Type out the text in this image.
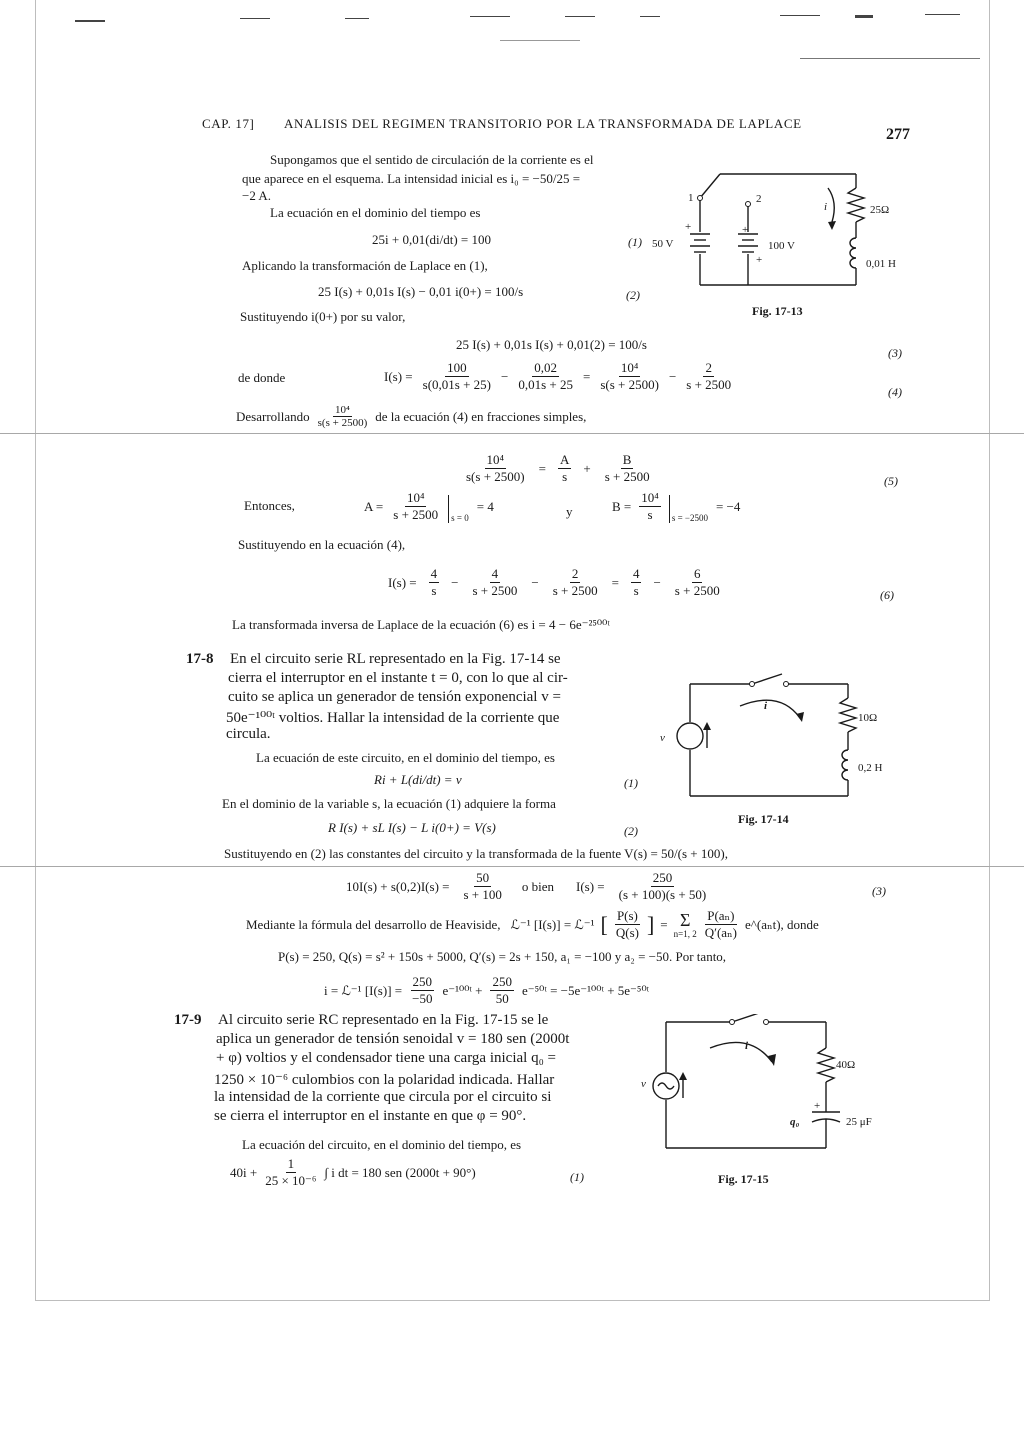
CAP. 17] ANALISIS DEL REGIMEN TRANSITORIO POR LA TRANSFORMADA DE LAPLACE
277
Supongamos que el sentido de circulación de la corriente es el
que aparece en el esquema. La intensidad inicial es i₀ = −50/25 =
−2 A.
La ecuación en el dominio del tiempo es
25i + 0,01(di/dt) = 100	(1)
Aplicando la transformación de Laplace en (1),
25 I(s) + 0,01s I(s) − 0,01 i(0+) = 100/s	(2)
Sustituyendo i(0+) por su valor,
25 I(s) + 0,01s I(s) + 0,01(2) = 100/s
(3)
de donde	$I(s) = \frac{100}{s(0,01s + 25)} - \frac{0,02}{0,01s + 25} = \frac{\text{10⁴}}{s(s + 2500)} - \frac{2}{s + 2500}$	(4)
Desarrollando $\frac{\text{10⁴}}{s(s + 2500)}$ de la ecuación (4) en fracciones simples,
1	2
+	+
50 V	100 V
+
25Ω
0,01 H
i
Fig. 17-13
$\frac{\text{10⁴}}{s(s + 2500)} = \frac{A}{s} + \frac{B}{s + 2500}$	(5)
Entonces,	$A = \frac{\text{10⁴}}{s + 2500}$	s = 0
= 4	y	$B = \frac{\text{10⁴}}{s}$	s = −2500
= −4
Sustituyendo en la ecuación (4),
$I(s) = \frac{4}{s} - \frac{4}{s + 2500} - \frac{2}{s + 2500} = \frac{4}{s} - \frac{6}{s + 2500}$	(6)
La transformada inversa de Laplace de la ecuación (6) es i = 4 − 6e⁻²⁵⁰⁰ᵗ
17-8 En el circuito serie RL representado en la Fig. 17-14 se
cierra el interruptor en el instante t = 0, con lo que al cir-
cuito se aplica un generador de tensión exponencial v =
50e⁻¹⁰⁰ᵗ voltios. Hallar la intensidad de la corriente que
circula.
La ecuación de este circuito, en el dominio del tiempo, es
Ri + L(di/dt) = v	(1)
En el dominio de la variable s, la ecuación (1) adquiere la forma
R I(s) + sL I(s) − L i(0+) = V(s)	(2)
Sustituyendo en (2) las constantes del circuito y la transformada de la fuente V(s) = 50/(s + 100),
v
i
10Ω
0,2 H
Fig. 17-14
$10I(s) + s(0,2)I(s) = \frac{50}{s + 100}$ o bien $I(s) = \frac{250}{(s + 100)(s + 50)}$	(3)
Mediante la fórmula del desarrollo de Heaviside, ℒ⁻¹ [I(s)] = ℒ⁻¹ [ $\frac{P(s)}{Q(s)}$ ] = Σ
n=1, $2 \frac{\text{P(aₙ)}}{\text{Q′(aₙ)}}$ e^(aₙt), donde
P(s) = 250, Q(s) = s² + 150s + 5000, Q′(s) = 2s + 150, a₁ = −100 y a₂ = −50. Por tanto,
i = ℒ⁻¹ $[I(s)] = \frac{250}{-50}$ e⁻¹⁰⁰ᵗ + $\frac{250}{50}$ e⁻⁵⁰ᵗ = −5e⁻¹⁰⁰ᵗ + 5e⁻⁵⁰ᵗ
17-9 Al circuito serie RC representado en la Fig. 17-15 se le
aplica un generador de tensión senoidal v = 180 sen (2000t
+ φ) voltios y el condensador tiene una carga inicial q₀ =
1250 × 10⁻⁶ culombios con la polaridad indicada. Hallar
la intensidad de la corriente que circula por el circuito si
se cierra el interruptor en el instante en que φ = 90°.
La ecuación del circuito, en el dominio del tiempo, es
$40i + \frac{1}{\text{25 × 10⁻⁶}}$ ∫ i dt = 180 sen (2000t + 90°)	(1)
v
i
40Ω
+
q₀	25 μF
Fig. 17-15
